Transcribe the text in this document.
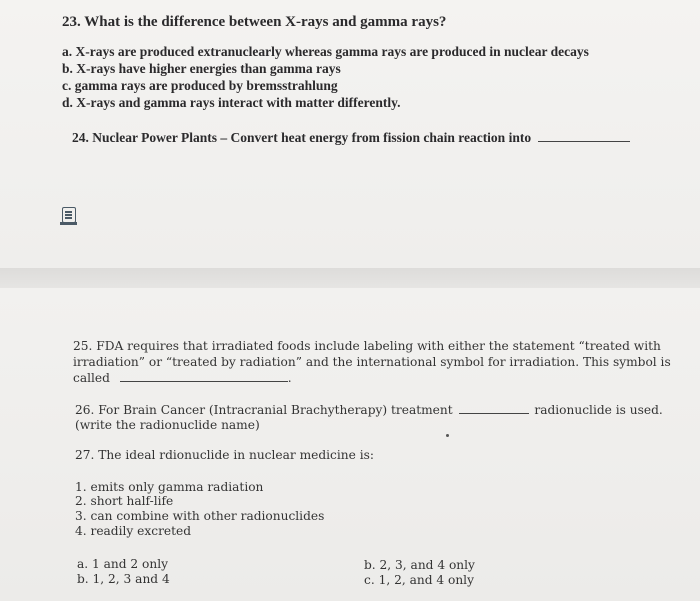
23. What is the difference between X-rays and gamma rays?
a. X-rays are produced extranuclearly whereas gamma rays are produced in nuclear decays
b. X-rays have higher energies than gamma rays
c. gamma rays are produced by bremsstrahlung
d. X-rays and gamma rays interact with matter differently.
24. Nuclear Power Plants – Convert heat energy from fission chain reaction into
25. FDA requires that irradiated foods include labeling with either the statement “treated with
irradiation” or “treated by radiation” and the international symbol for irradiation. This symbol is
called	.
26. For Brain Cancer (Intracranial Brachytherapy) treatment	radionuclide is used.
(write the radionuclide name)
27. The ideal rdionuclide in nuclear medicine is:
1. emits only gamma radiation
2. short half-life
3. can combine with other radionuclides
4. readily excreted
a. 1 and 2 only
b. 1, 2, 3 and 4
b. 2, 3, and 4 only
c. 1, 2, and 4 only
